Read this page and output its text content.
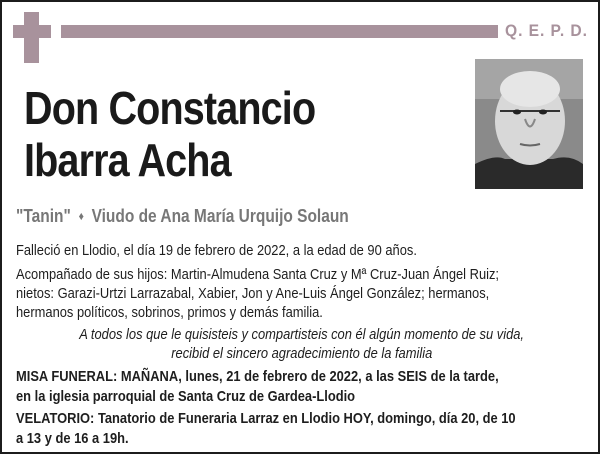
Q. E. P. D.
Don Constancio
Ibarra Acha
"Tanin" ♦ Viudo de Ana María Urquijo Solaun
Falleció en Llodio, el día 19 de febrero de 2022, a la edad de 90 años.
Acompañado de sus hijos: Martin-Almudena Santa Cruz y Mª Cruz-Juan Ángel Ruiz;
nietos: Garazi-Urtzi Larrazabal, Xabier, Jon y Ane-Luis Ángel González; hermanos,
hermanos políticos, sobrinos, primos y demás familia.
A todos los que le quisisteis y compartisteis con él algún momento de su vida,
recibid el sincero agradecimiento de la familia
MISA FUNERAL: MAÑANA, lunes, 21 de febrero de 2022, a las SEIS de la tarde,
en la iglesia parroquial de Santa Cruz de Gardea-Llodio
VELATORIO: Tanatorio de Funeraria Larraz en Llodio HOY, domingo, día 20, de 10
a 13 y de 16 a 19h.
